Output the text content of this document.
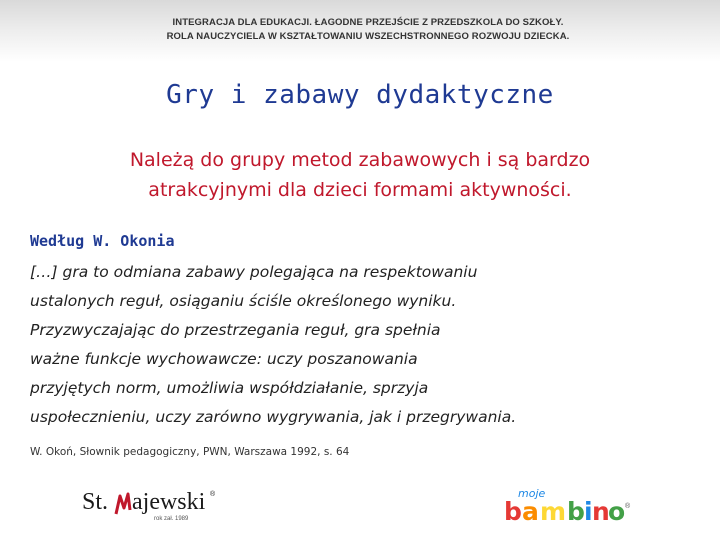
INTEGRACJA DLA EDUKACJI. ŁAGODNE PRZEJŚCIE Z PRZEDSZKOLA DO SZKOŁY.
ROLA NAUCZYCIELA W KSZTAŁTOWANIU WSZECHSTRONNEGO ROZWOJU DZIECKA.
Gry i zabawy dydaktyczne
Należą do grupy metod zabawowych i są bardzo
atrakcyjnymi dla dzieci formami aktywności.
Według W. Okonia
[…] gra to odmiana zabawy polegająca na respektowaniu
ustalonych reguł, osiąganiu ściśle określonego wyniku.
Przyzwyczajając do przestrzegania reguł, gra spełnia
ważne funkcje wychowawcze: uczy poszanowania
przyjętych norm, umożliwia współdziałanie, sprzyja
uspołecznieniu, uczy zarówno wygrywania, jak i przegrywania.
W. Okoń, Słownik pedagogiczny, PWN, Warszawa 1992, s. 64
St. ajewski ®
rok zał. 1989
moje
b a m b i n
o ®
